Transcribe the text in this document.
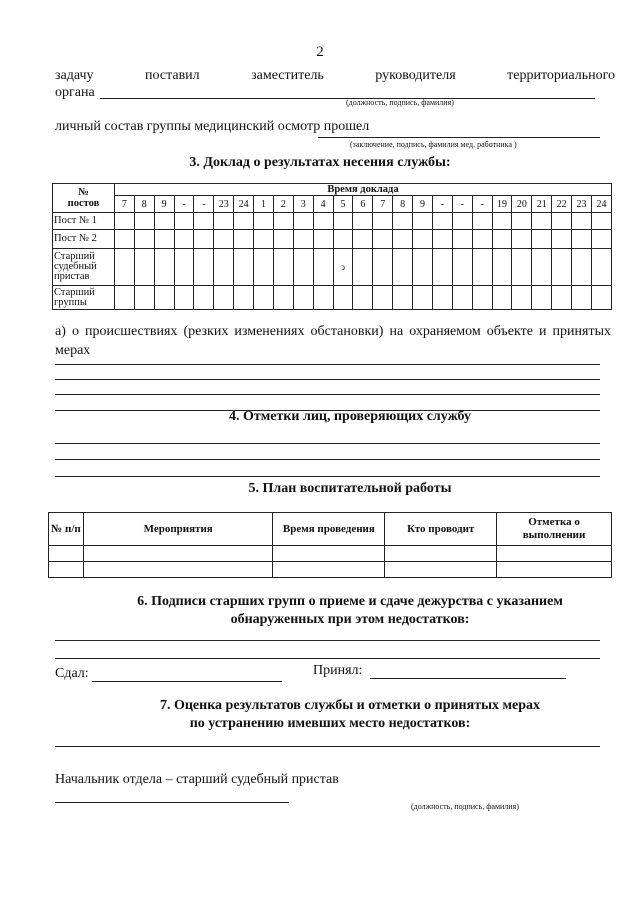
2
задачу	поставил	заместитель	руководителя	территориального
органа
(должность, подпись, фамилия)
личный состав группы медицинский осмотр прошел
(заключение, подпись, фамилия мед. работника )
3. Доклад о результатах несения службы:
№
постов	Время доклада																								
	7	8	9	-	-	23	24	1	2	3	4	5	6	7	8	9	-	-	-	19	20	21	22	23	24
Пост № 1																									
Пост № 2																									
Старший судебный пристав												ↄ													
Старший группы																									
а) о происшествиях (резких изменениях обстановки) на охраняемом объекте и принятых мерах
4. Отметки лиц, проверяющих службу
5. План воспитательной работы
№ п/п	Мероприятия	Время проведения	Кто проводит	Отметка о выполнении

6. Подписи старших групп о приеме и сдаче дежурства с указанием
обнаруженных при этом недостатков:
Сдал:	Принял:
7. Оценка результатов службы и отметки о принятых мерах
по устранению имевших место недостатков:
Начальник отдела – старший судебный пристав
(должность, подпись, фамилия)
